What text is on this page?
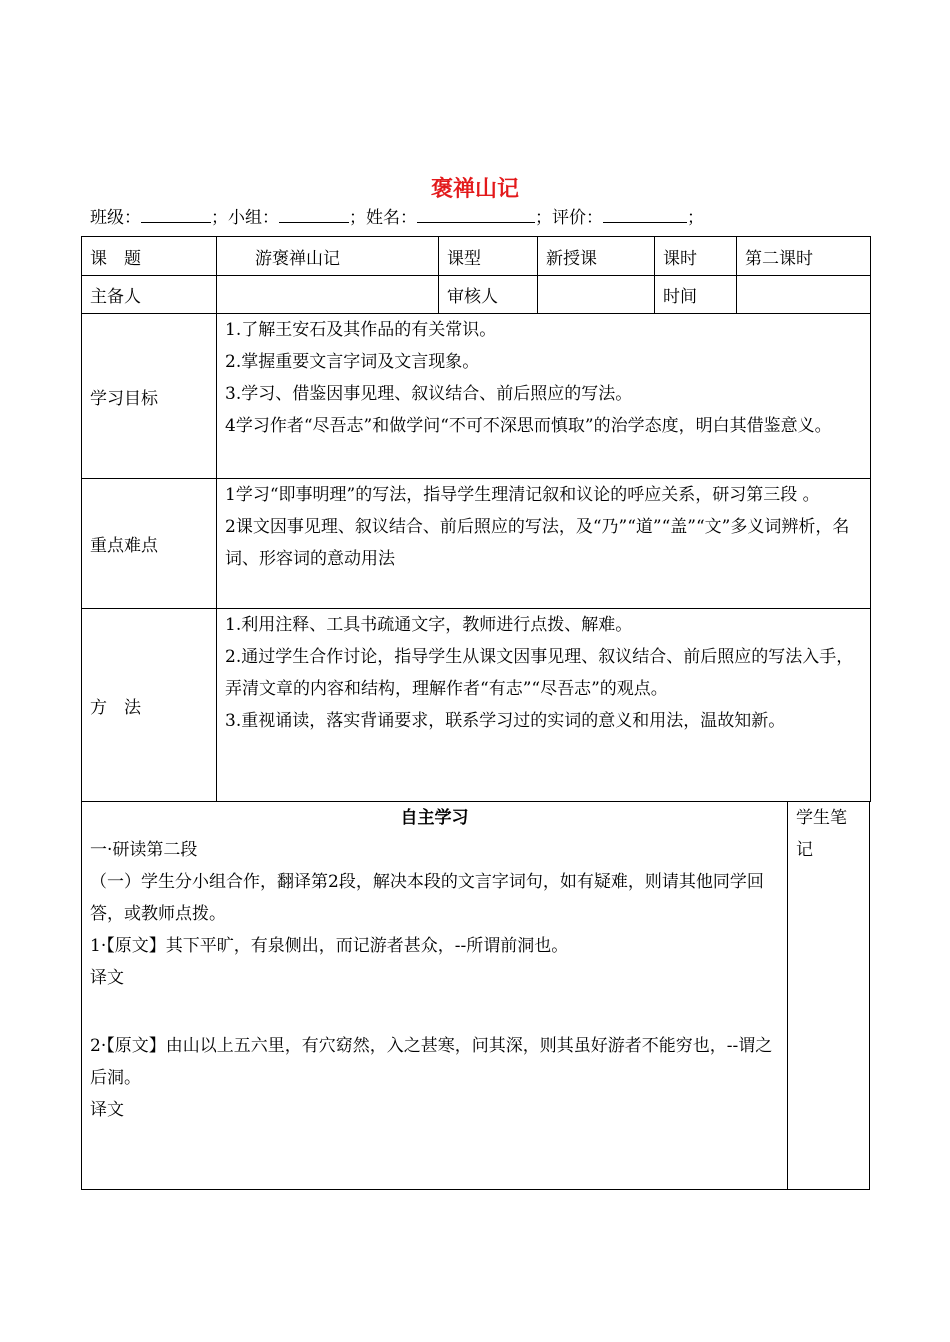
褒禅山记
班级：	；小组：	；姓名：	；评价：	；
课　题	游褒禅山记	课型	新授课	课时	第二课时
主备人		审核人		时间	
学习目标	1.了解王安石及其作品的有关常识。
2.掌握重要文言字词及文言现象。
3.学习、借鉴因事见理、叙议结合、前后照应的写法。
4学习作者“尽吾志”和做学问“不可不深思而慎取”的治学态度，明白其借鉴意义。				

重点难点	1学习“即事明理”的写法，指导学生理清记叙和议论的呼应关系，研习第三段 。
2课文因事见理、叙议结合、前后照应的写法，及“乃”“道”“盖”“文”多义词辨析，名词、形容词的意动用法				

方　法	1.利用注释、工具书疏通文字，教师进行点拨、解难。
2.通过学生合作讨论，指导学生从课文因事见理、叙议结合、前后照应的写法入手，弄清文章的内容和结构，理解作者“有志”“尽吾志”的观点。
3.重视诵读，落实背诵要求，联系学习过的实词的意义和用法，温故知新。				
自主学习
一·研读第二段
（一）学生分小组合作，翻译第2段，解决本段的文言字词句，如有疑难，则请其他同学回答，或教师点拨。
1·【原文】其下平旷，有泉侧出，而记游者甚众，--所谓前洞也。
译文
2·【原文】由山以上五六里，有穴窈然，入之甚寒，问其深，则其虽好游者不能穷也，--谓之后洞。
译文
学生笔记
